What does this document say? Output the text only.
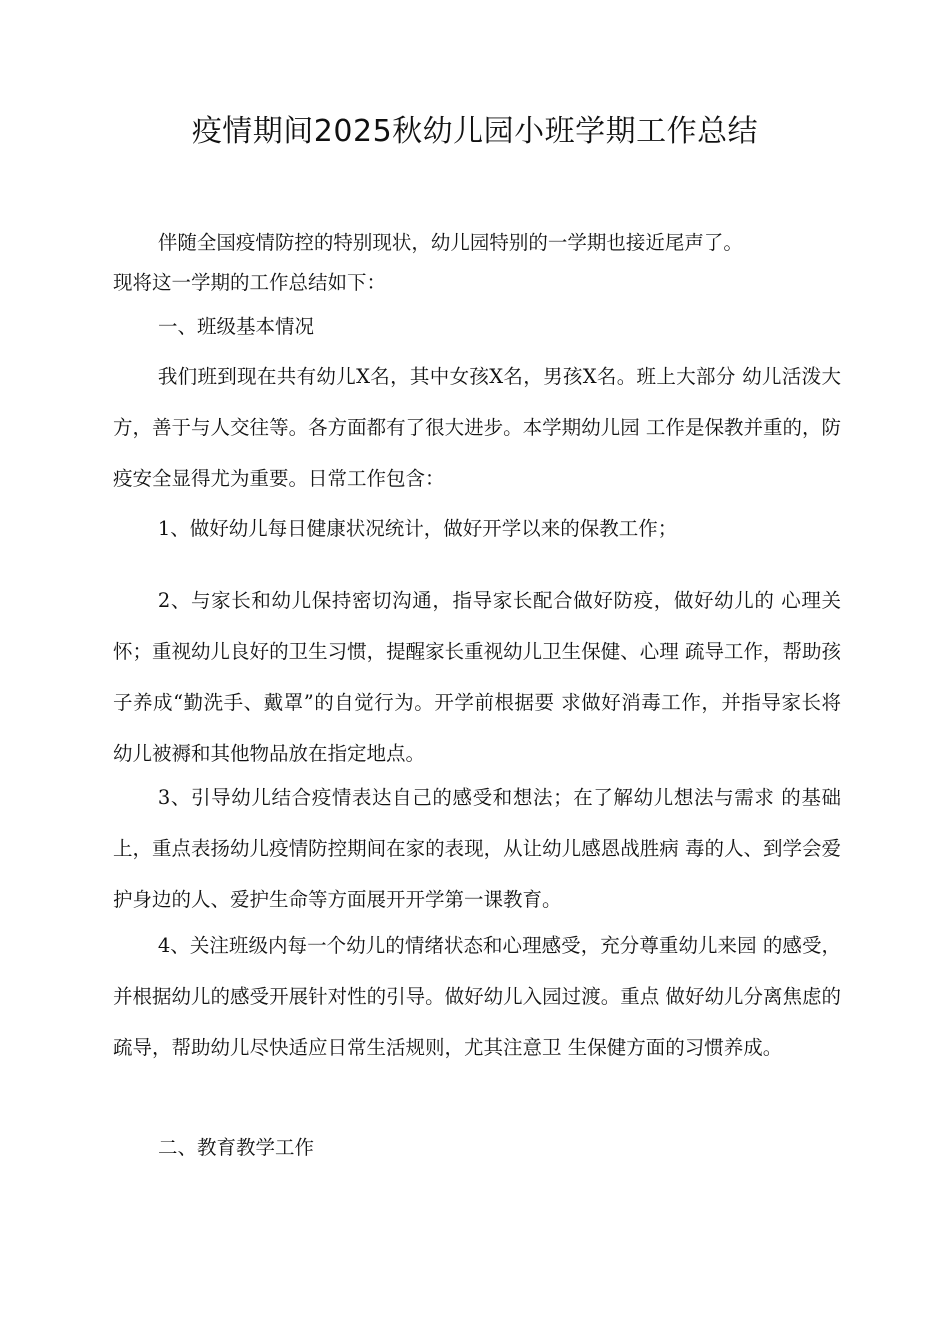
疫情期间2025秋幼儿园小班学期工作总结

伴随全国疫情防控的特别现状，幼儿园特别的一学期也接近尾声了。

现将这一学期的工作总结如下：

一、班级基本情况

我们班到现在共有幼儿X名，其中女孩X名，男孩X名。班上大部分 幼儿活泼大方，善于与人交往等。各方面都有了很大进步。本学期幼儿园 工作是保教并重的，防疫安全显得尤为重要。日常工作包含：

1、做好幼儿每日健康状况统计，做好开学以来的保教工作；

2、与家长和幼儿保持密切沟通，指导家长配合做好防疫，做好幼儿的 心理关怀；重视幼儿良好的卫生习惯，提醒家长重视幼儿卫生保健、心理 疏导工作，帮助孩子养成“勤洗手、戴罩”的自觉行为。开学前根据要 求做好消毒工作，并指导家长将幼儿被褥和其他物品放在指定地点。

3、引导幼儿结合疫情表达自己的感受和想法；在了解幼儿想法与需求 的基础上，重点表扬幼儿疫情防控期间在家的表现，从让幼儿感恩战胜病 毒的人、到学会爱护身边的人、爱护生命等方面展开开学第一课教育。

4、关注班级内每一个幼儿的情绪状态和心理感受，充分尊重幼儿来园 的感受，并根据幼儿的感受开展针对性的引导。做好幼儿入园过渡。重点 做好幼儿分离焦虑的疏导，帮助幼儿尽快适应日常生活规则，尤其注意卫 生保健方面的习惯养成。

二、教育教学工作
